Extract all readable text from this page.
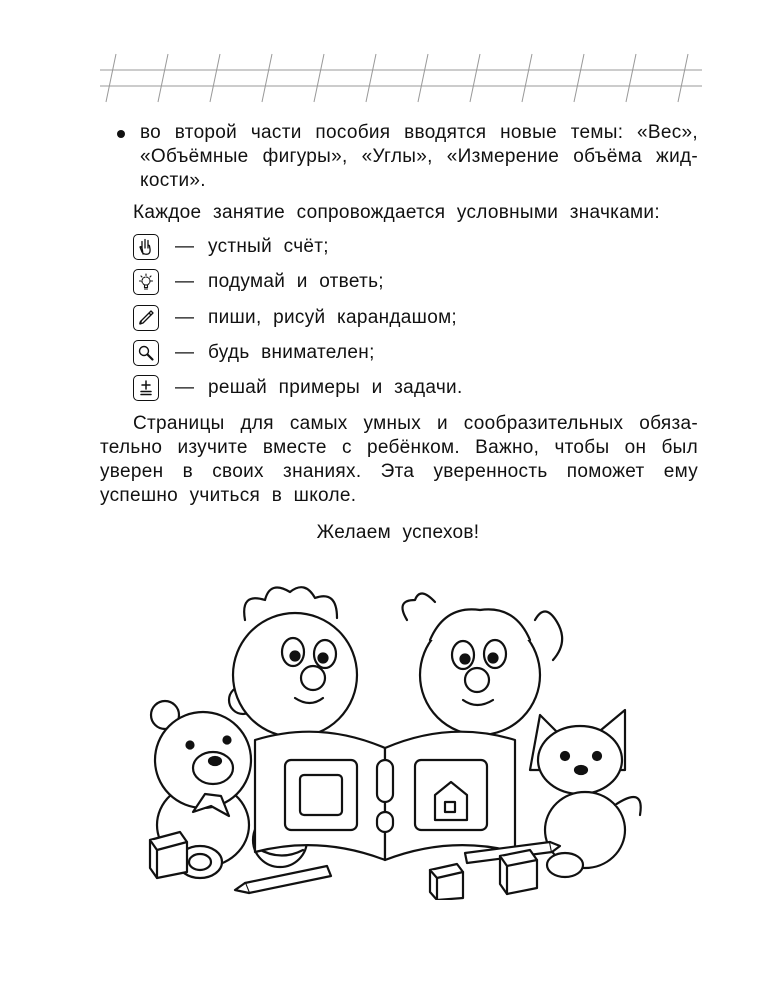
во второй части пособия вводятся новые темы: «Вес»,
«Объёмные фигуры», «Углы», «Измерение объёма жид-
кости».
Каждое занятие сопровождается условными значками:
— устный счёт;
— подумай и ответь;
— пиши, рисуй карандашом;
— будь внимателен;
— решай примеры и задачи.
Страницы для самых умных и сообразительных обяза-
тельно изучите вместе с ребёнком. Важно, чтобы он был
уверен в своих знаниях. Эта уверенность поможет ему
успешно учиться в школе.
Желаем успехов!
